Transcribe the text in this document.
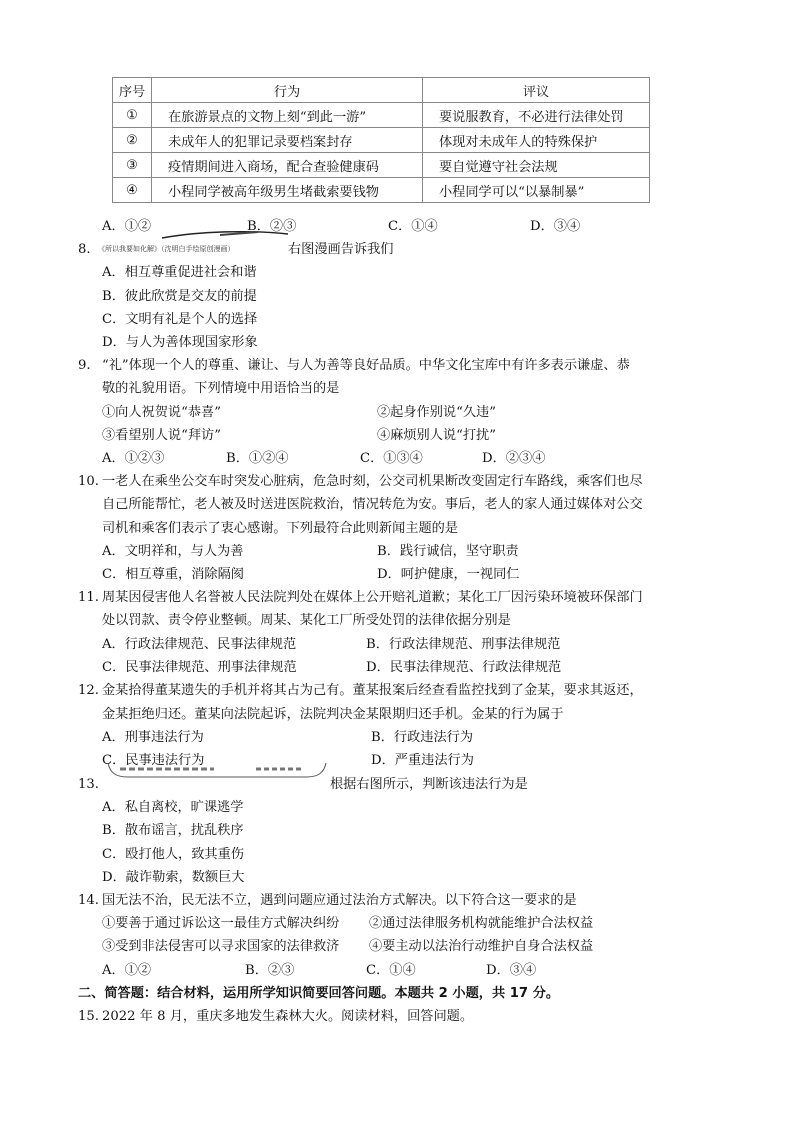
序号	行为	评议
①	在旅游景点的文物上刻“到此一游”	要说服教育，不必进行法律处罚
②	未成年人的犯罪记录要档案封存	体现对未成年人的特殊保护
③	疫情期间进入商场，配合查验健康码	要自觉遵守社会法规
④	小程同学被高年级男生堵截索要钱物	小程同学可以“以暴制暴”
A．①②	B．②③	C．①④	D．③④
8. 《所以我要如化解》（沈明白手绘原创漫画）	右图漫画告诉我们
A．相互尊重促进社会和谐
B．彼此欣赏是交友的前提
C．文明有礼是个人的选择
D．与人为善体现国家形象
9. “礼”体现一个人的尊重、谦让、与人为善等良好品质。中华文化宝库中有许多表示谦虚、恭
敬的礼貌用语。下列情境中用语恰当的是
①向人祝贺说“恭喜”	②起身作别说“久违”
③看望别人说“拜访”	④麻烦别人说“打扰”
A．①②③	B．①②④	C．①③④	D．②③④
10. 一老人在乘坐公交车时突发心脏病，危急时刻，公交司机果断改变固定行车路线，乘客们也尽
自己所能帮忙，老人被及时送进医院救治，情况转危为安。事后，老人的家人通过媒体对公交
司机和乘客们表示了衷心感谢。下列最符合此则新闻主题的是
A．文明祥和，与人为善	B．践行诚信，坚守职责
C．相互尊重，消除隔阂	D．呵护健康，一视同仁
11. 周某因侵害他人名誉被人民法院判处在媒体上公开赔礼道歉；某化工厂因污染环境被环保部门
处以罚款、责令停业整顿。周某、某化工厂所受处罚的法律依据分别是
A．行政法律规范、民事法律规范	B．行政法律规范、刑事法律规范
C．民事法律规范、刑事法律规范	D．民事法律规范、行政法律规范
12. 金某拾得董某遗失的手机并将其占为己有。董某报案后经查看监控找到了金某，要求其返还，
金某拒绝归还。董某向法院起诉，法院判决金某限期归还手机。金某的行为属于
A．刑事违法行为	B．行政违法行为
C．民事违法行为	D．严重违法行为
13.	根据右图所示，判断该违法行为是
A．私自离校，旷课逃学
B．散布谣言，扰乱秩序
C．殴打他人，致其重伤
D．敲诈勒索，数额巨大
14. 国无法不治，民无法不立，遇到问题应通过法治方式解决。以下符合这一要求的是
①要善于通过诉讼这一最佳方式解决纠纷 ②通过法律服务机构就能维护合法权益
③受到非法侵害可以寻求国家的法律救济 ④要主动以法治行动维护自身合法权益
A．①②	B．②③	C．①④	D．③④
二、简答题：结合材料，运用所学知识简要回答问题。本题共 2 小题，共 17 分。
15. 2022 年 8 月，重庆多地发生森林大火。阅读材料，回答问题。
